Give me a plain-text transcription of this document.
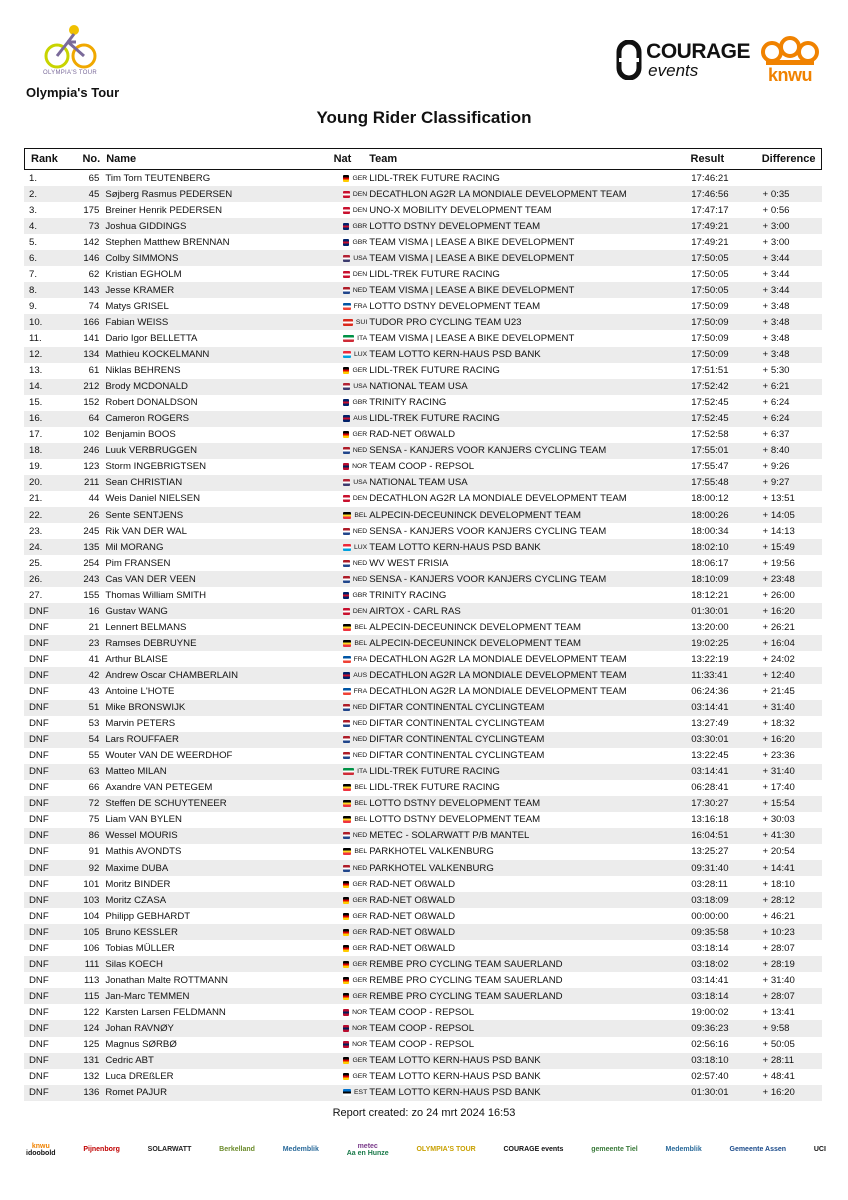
OLYMPIA'S TOUR
Olympia's Tour
COURAGE
events	knwu
Young Rider Classification
Rank	No. Name	Nat	Team	Result	Difference
1.	65 Tim Torn TEUTENBERG	GER LIDL-TREK FUTURE RACING	17:46:21
2.	45 Søjberg Rasmus PEDERSEN	DEN DECATHLON AG2R LA MONDIALE DEVELOPMENT TEAM	17:46:56	+ 0:35
3.	175 Breiner Henrik PEDERSEN	DEN UNO-X MOBILITY DEVELOPMENT TEAM	17:47:17	+ 0:56
4.	73 Joshua GIDDINGS	GBR LOTTO DSTNY DEVELOPMENT TEAM	17:49:21	+ 3:00
5.	142 Stephen Matthew BRENNAN	GBR TEAM VISMA | LEASE A BIKE DEVELOPMENT	17:49:21	+ 3:00
6.	146 Colby SIMMONS	USA TEAM VISMA | LEASE A BIKE DEVELOPMENT	17:50:05	+ 3:44
7.	62 Kristian EGHOLM	DEN LIDL-TREK FUTURE RACING	17:50:05	+ 3:44
8.	143 Jesse KRAMER	NED TEAM VISMA | LEASE A BIKE DEVELOPMENT	17:50:05	+ 3:44
9.	74 Matys GRISEL	FRA LOTTO DSTNY DEVELOPMENT TEAM	17:50:09	+ 3:48
10.	166 Fabian WEISS	SUI TUDOR PRO CYCLING TEAM U23	17:50:09	+ 3:48
11.	141 Dario Igor BELLETTA	ITA TEAM VISMA | LEASE A BIKE DEVELOPMENT	17:50:09	+ 3:48
12.	134 Mathieu KOCKELMANN	LUX TEAM LOTTO KERN-HAUS PSD BANK	17:50:09	+ 3:48
13.	61 Niklas BEHRENS	GER LIDL-TREK FUTURE RACING	17:51:51	+ 5:30
14.	212 Brody MCDONALD	USA NATIONAL TEAM USA	17:52:42	+ 6:21
15.	152 Robert DONALDSON	GBR TRINITY RACING	17:52:45	+ 6:24
16.	64 Cameron ROGERS	AUS LIDL-TREK FUTURE RACING	17:52:45	+ 6:24
17.	102 Benjamin BOOS	GER RAD-NET OßWALD	17:52:58	+ 6:37
18.	246 Luuk VERBRUGGEN	NED SENSA - KANJERS VOOR KANJERS CYCLING TEAM	17:55:01	+ 8:40
19.	123 Storm INGEBRIGTSEN	NOR TEAM COOP - REPSOL	17:55:47	+ 9:26
20.	211 Sean CHRISTIAN	USA NATIONAL TEAM USA	17:55:48	+ 9:27
21.	44 Weis Daniel NIELSEN	DEN DECATHLON AG2R LA MONDIALE DEVELOPMENT TEAM	18:00:12	+ 13:51
22.	26 Sente SENTJENS	BEL ALPECIN-DECEUNINCK DEVELOPMENT TEAM	18:00:26	+ 14:05
23.	245 Rik VAN DER WAL	NED SENSA - KANJERS VOOR KANJERS CYCLING TEAM	18:00:34	+ 14:13
24.	135 Mil MORANG	LUX TEAM LOTTO KERN-HAUS PSD BANK	18:02:10	+ 15:49
25.	254 Pim FRANSEN	NED WV WEST FRISIA	18:06:17	+ 19:56
26.	243 Cas VAN DER VEEN	NED SENSA - KANJERS VOOR KANJERS CYCLING TEAM	18:10:09	+ 23:48
27.	155 Thomas William SMITH	GBR TRINITY RACING	18:12:21	+ 26:00
DNF	16 Gustav WANG	DEN AIRTOX - CARL RAS	01:30:01	+ 16:20
DNF	21 Lennert BELMANS	BEL ALPECIN-DECEUNINCK DEVELOPMENT TEAM	13:20:00	+ 26:21
DNF	23 Ramses DEBRUYNE	BEL ALPECIN-DECEUNINCK DEVELOPMENT TEAM	19:02:25	+ 16:04
DNF	41 Arthur BLAISE	FRA DECATHLON AG2R LA MONDIALE DEVELOPMENT TEAM	13:22:19	+ 24:02
DNF	42 Andrew Oscar CHAMBERLAIN	AUS DECATHLON AG2R LA MONDIALE DEVELOPMENT TEAM	11:33:41	+ 12:40
DNF	43 Antoine L'HOTE	FRA DECATHLON AG2R LA MONDIALE DEVELOPMENT TEAM	06:24:36	+ 21:45
DNF	51 Mike BRONSWIJK	NED DIFTAR CONTINENTAL CYCLINGTEAM	03:14:41	+ 31:40
DNF	53 Marvin PETERS	NED DIFTAR CONTINENTAL CYCLINGTEAM	13:27:49	+ 18:32
DNF	54 Lars ROUFFAER	NED DIFTAR CONTINENTAL CYCLINGTEAM	03:30:01	+ 16:20
DNF	55 Wouter VAN DE WEERDHOF	NED DIFTAR CONTINENTAL CYCLINGTEAM	13:22:45	+ 23:36
DNF	63 Matteo MILAN	ITA LIDL-TREK FUTURE RACING	03:14:41	+ 31:40
DNF	66 Axandre VAN PETEGEM	BEL LIDL-TREK FUTURE RACING	06:28:41	+ 17:40
DNF	72 Steffen DE SCHUYTENEER	BEL LOTTO DSTNY DEVELOPMENT TEAM	17:30:27	+ 15:54
DNF	75 Liam VAN BYLEN	BEL LOTTO DSTNY DEVELOPMENT TEAM	13:16:18	+ 30:03
DNF	86 Wessel MOURIS	NED METEC - SOLARWATT P/B MANTEL	16:04:51	+ 41:30
DNF	91 Mathis AVONDTS	BEL PARKHOTEL VALKENBURG	13:25:27	+ 20:54
DNF	92 Maxime DUBA	NED PARKHOTEL VALKENBURG	09:31:40	+ 14:41
DNF	101 Moritz BINDER	GER RAD-NET OßWALD	03:28:11	+ 18:10
DNF	103 Moritz CZASA	GER RAD-NET OßWALD	03:18:09	+ 28:12
DNF	104 Philipp GEBHARDT	GER RAD-NET OßWALD	00:00:00	+ 46:21
DNF	105 Bruno KESSLER	GER RAD-NET OßWALD	09:35:58	+ 10:23
DNF	106 Tobias MÜLLER	GER RAD-NET OßWALD	03:18:14	+ 28:07
DNF	111 Silas KOECH	GER REMBE PRO CYCLING TEAM SAUERLAND	03:18:02	+ 28:19
DNF	113 Jonathan Malte ROTTMANN	GER REMBE PRO CYCLING TEAM SAUERLAND	03:14:41	+ 31:40
DNF	115 Jan-Marc TEMMEN	GER REMBE PRO CYCLING TEAM SAUERLAND	03:18:14	+ 28:07
DNF	122 Karsten Larsen FELDMANN	NOR TEAM COOP - REPSOL	19:00:02	+ 13:41
DNF	124 Johan RAVNØY	NOR TEAM COOP - REPSOL	09:36:23	+ 9:58
DNF	125 Magnus SØRBØ	NOR TEAM COOP - REPSOL	02:56:16	+ 50:05
DNF	131 Cedric ABT	GER TEAM LOTTO KERN-HAUS PSD BANK	03:18:10	+ 28:11
DNF	132 Luca DREßLER	GER TEAM LOTTO KERN-HAUS PSD BANK	02:57:40	+ 48:41
DNF	136 Romet PAJUR	EST TEAM LOTTO KERN-HAUS PSD BANK	01:30:01	+ 16:20
Report created: zo 24 mrt 2024 16:53
knwu
idoobold
Pijnenborg	SOLARWATT	Berkelland	Medemblik
metec
Aa en Hunze
OLYMPIA'S TOUR	COURAGE events	gemeente Tiel	Medemblik	Gemeente Assen	UCI
